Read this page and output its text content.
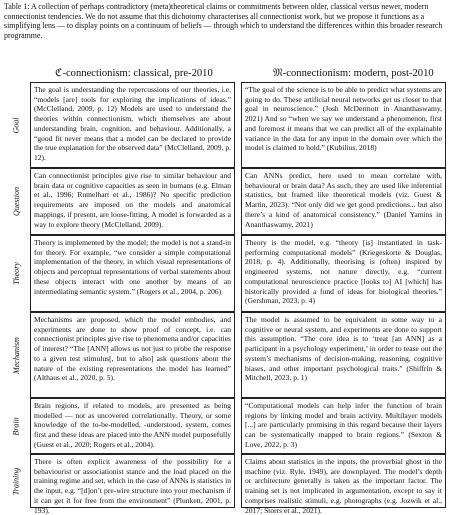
Table 1: A collection of perhaps contradictory (meta)theoretical claims or commitments between older, classical versus newer, modern connectionist tendencies. We do not assume that this dichotomy characterises all connectionist work, but we propose it functions as a simplifying lens — to display points on a continuum of beliefs — through which to understand the differences within this broader research programme.
ℭ-connectionism: classical, pre-2010	𝔐-connectionism: modern, post-2010
Goal
The goal is understanding the repercussions of our theories, i.e. “models [are] tools for exploring the implications of ideas.” (McClelland, 2009, p. 12) Models are used to understand the theories within connectionism, which themselves are about understanding brain, cognition, and behaviour. Additionally, a “good fit never means that a model can be declared to provide the true explanation for the observed data” (McClelland, 2009, p. 12).
“The goal of the science is to be able to predict what systems are going to do. These artificial neural networks get us closer to that goal in neuroscience.” (Josh McDermott in Ananthaswamy, 2021) And so “when we say we understand a phenomenon, first and foremost it means that we can predict all of the explainable variance in the data for any input in the domain over which the model is claimed to hold.” (Kubilius, 2018)
Question
Can connectionist principles give rise to similar behaviour and brain data or cognitive capacities as seen in humans (e.g. Elman et al., 1996; Rumelhart et al., 1986)? No specific prediction requirements are imposed on the models and anatomical mappings, if present, are loose-fitting. A model is forwarded as a way to explore theory (McClelland, 2009).
Can ANNs predict, here used to mean correlate with, behavioural or brain data? As such, they are used like inferential statistics, but framed like theoretical models (viz. Guest & Martin, 2023). “Not only did we get good predictions... but also there’s a kind of anatomical consistency.” (Daniel Yamins in Ananthaswamy, 2021)
Theory
Theory is implemented by the model; the model is not a stand-in for theory. For example, “we consider a simple computational implementation of the theory, in which visual representations of objects and perceptual representations of verbal statements about these objects interact with one another by means of an intermediating semantic system.” (Rogers et al., 2004, p. 206)
Theory is the model, e.g. “theory [is] instantiated in task-performing computational models” (Kriegeskorte & Douglas, 2018, p. 4). Additionally, theorising is (often) inspired by engineered systems, not nature directly, e.g. “current computational neuroscience practice [looks to] AI [which] has historically provided a fund of ideas for biological theories.” (Gershman, 2023, p. 4)
Mechanism
Mechanisms are proposed, which the model embodies, and experiments are done to show proof of concept, i.e. can connectionist principles give rise to phenomena and/or capacities of interest? “The [ANN] allows us not just to probe the response to a given test stimulus[, but to also] ask questions about the nature of the existing representations the model has learned” (Althaus et al., 2020, p. 5).
The model is assumed to be equivalent in some way to a cognitive or neural system, and experiments are done to support this assumption. “The core idea is to ‘treat [an ANN] as a participant in a psychology experiment,’ in order to tease out the system’s mechanisms of decision-making, reasoning, cognitive biases, and other important psychological traits.” (Shiffrin & Mitchell, 2023, p. 1)
Brain
Brain regions, if related to models, are presented as being modelled — not as uncovered correlationally. Theory, or some knowledge of the to-be-modelled, -understood, system, comes first and these ideas are placed into the ANN model purposefully (Guest et al., 2020; Rogers et al., 2004).
“Computational models can help infer the function of brain regions by linking model and brain activity. Multilayer models [...] are particularly promising in this regard because their layers can be systematically mapped to brain regions.” (Sexton & Love, 2022, p. 3)
Training
There is often explicit awareness of the possibility for a behaviourist or associationist stance and the load placed on the training regime and set, which in the case of ANNs is statistics in the input, e.g. “[d]on’t pre-wire structure into your mechanism if it can get it for free from the environment” (Plunkett, 2001, p. 193).
Claims about statistics in the inputs, the proverbial ghost in the machine (viz. Ryle, 1949), are downplayed. The model’s depth or architecture generally is taken as the important factor. The training set is not implicated in argumentation, except to say it comprises realistic stimuli, e.g. photographs (e.g. Jozwik et al., 2017; Storrs et al., 2021).
